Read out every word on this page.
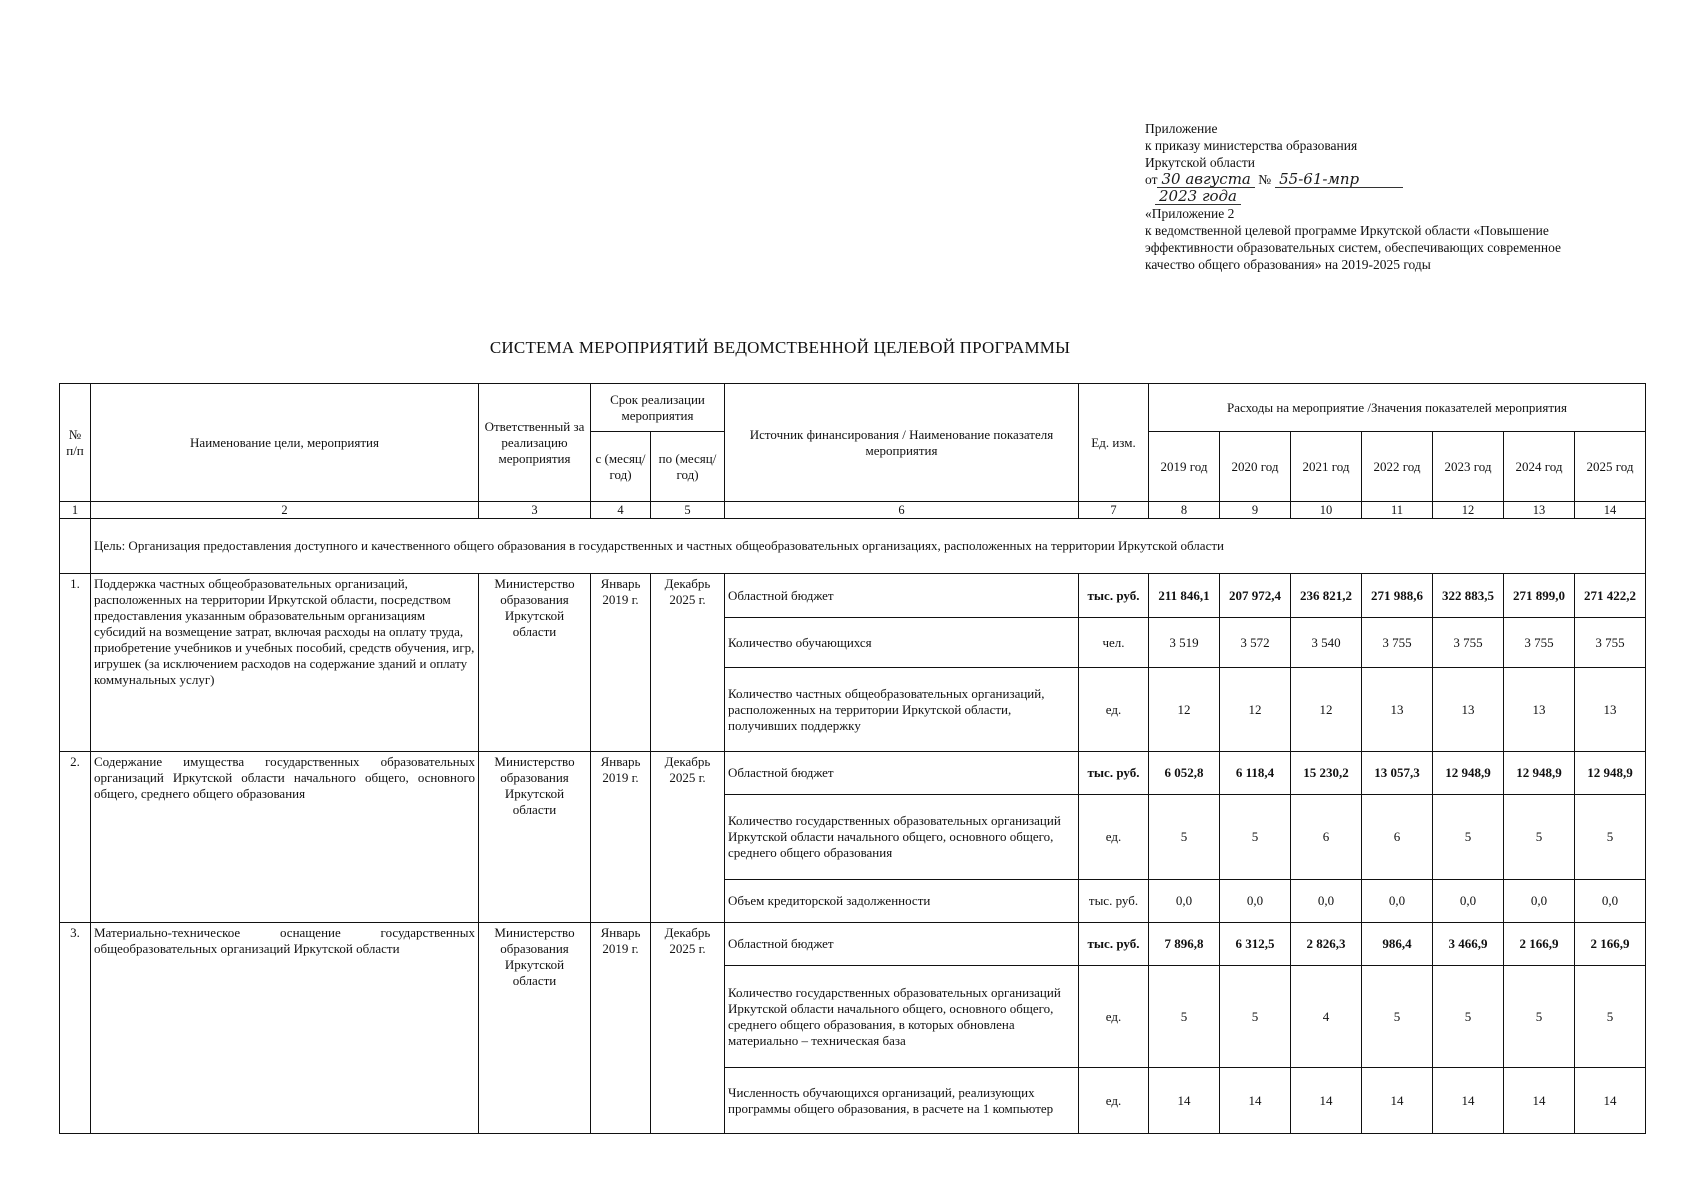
Приложение
к приказу министерства образования
Иркутской области
от 30 августа № 55-61-мпр
2023 года
«Приложение 2
к ведомственной целевой программе Иркутской области «Повышение
эффективности образовательных систем, обеспечивающих современное
качество общего образования» на 2019-2025 годы
СИСТЕМА МЕРОПРИЯТИЙ ВЕДОМСТВЕННОЙ ЦЕЛЕВОЙ ПРОГРАММЫ
№ п/п	Наименование цели, мероприятия	Ответственный за реализацию мероприятия	Срок реализации мероприятия		Источник финансирования / Наименование показателя мероприятия	Ед. изм.	Расходы на мероприятие /Значения показателей мероприятия						
			с (месяц/ год)	по (месяц/ год)			2019 год	2020 год	2021 год	2022 год	2023 год	2024 год	2025 год
1	2	3	4	5	6	7	8	9	10	11	12	13	14
	Цель: Организация предоставления доступного и качественного общего образования в государственных и частных общеобразовательных организациях, расположенных на территории Иркутской области												
1.	Поддержка частных общеобразовательных организаций, расположенных на территории Иркутской области, посредством предоставления указанным образовательным организациям субсидий на возмещение затрат, включая расходы на оплату труда, приобретение учебников и учебных пособий, средств обучения, игр, игрушек (за исключением расходов на содержание зданий и оплату коммунальных услуг)	Министерство образования Иркутской области	Январь 2019 г.	Декабрь 2025 г.	Областной бюджет	тыс. руб.	211 846,1	207 972,4	236 821,2	271 988,6	322 883,5	271 899,0	271 422,2
					Количество обучающихся	чел.	3 519	3 572	3 540	3 755	3 755	3 755	3 755
					Количество частных общеобразовательных организаций, расположенных на территории Иркутской области, получивших поддержку	ед.	12	12	12	13	13	13	13
2.	Содержание имущества государственных образовательных организаций Иркутской области начального общего, основного общего, среднего общего образования	Министерство образования Иркутской области	Январь 2019 г.	Декабрь 2025 г.	Областной бюджет	тыс. руб.	6 052,8	6 118,4	15 230,2	13 057,3	12 948,9	12 948,9	12 948,9
					Количество государственных образовательных организаций Иркутской области начального общего, основного общего, среднего общего образования	ед.	5	5	6	6	5	5	5
					Объем кредиторской задолженности	тыс. руб.	0,0	0,0	0,0	0,0	0,0	0,0	0,0
3.	Материально-техническое оснащение государственных общеобразовательных организаций Иркутской области	Министерство образования Иркутской области	Январь 2019 г.	Декабрь 2025 г.	Областной бюджет	тыс. руб.	7 896,8	6 312,5	2 826,3	986,4	3 466,9	2 166,9	2 166,9
					Количество государственных образовательных организаций Иркутской области начального общего, основного общего, среднего общего образования, в которых обновлена материально – техническая база	ед.	5	5	4	5	5	5	5
					Численность обучающихся организаций, реализующих программы общего образования, в расчете на 1 компьютер	ед.	14	14	14	14	14	14	14
